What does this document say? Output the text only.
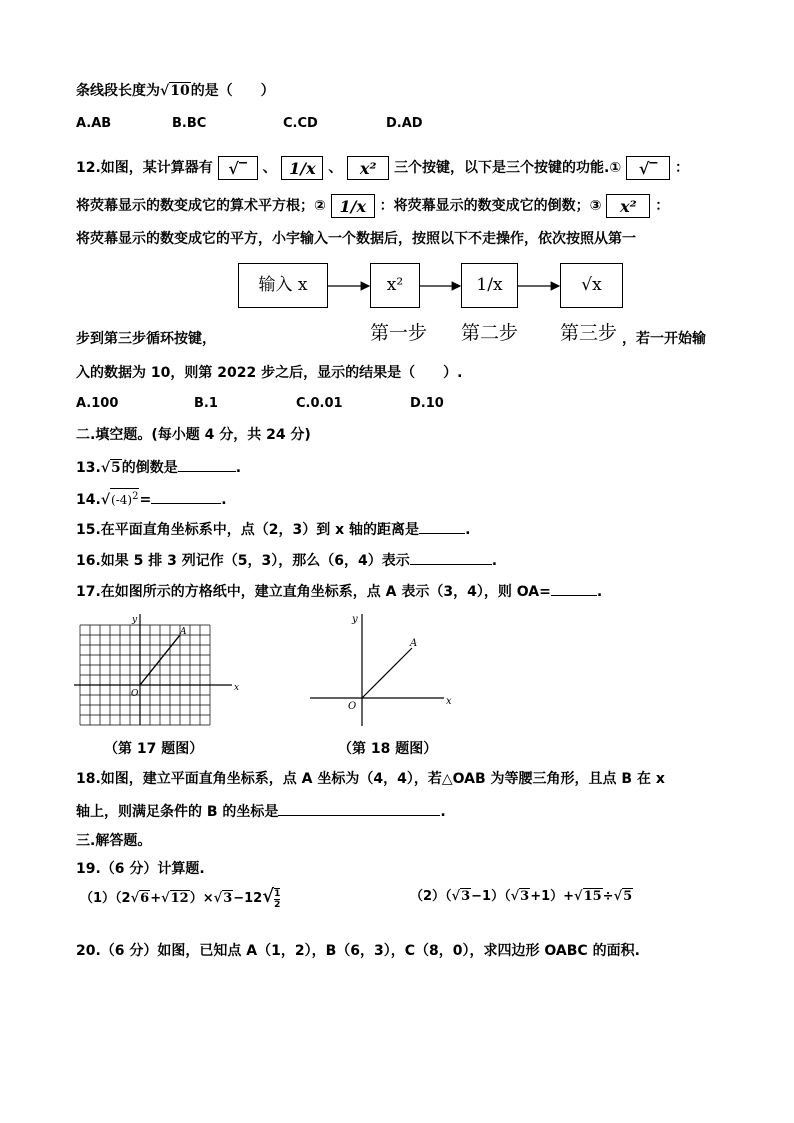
条线段长度为√10的是（　　）
A.AB	B.BC	C.CD	D.AD
12.如图，某计算器有 √‾ 、 1/x 、 x² 三个按键，以下是三个按键的功能.① √‾ ：
将荧幕显示的数变成它的算术平方根；② 1/x ：将荧幕显示的数变成它的倒数；③ x² ：
将荧幕显示的数变成它的平方，小宇输入一个数据后，按照以下不走操作，依次按照从第一
输入 x	x²	1/x	√x
步到第三步循环按键，	第一步 第二步 第三步 ，若一开始输
入的数据为 10，则第 2022 步之后，显示的结果是（　　）.
A.100	B.1	C.0.01	D.10
二.填空题。(每小题 4 分，共 24 分)
13.√5的倒数是	.
$14.√(-4)^2=$	.
15.在平面直角坐标系中，点（2，3）到 x 轴的距离是	.
16.如果 5 排 3 列记作（5，3），那么（6，4）表示	.
17.在如图所示的方格纸中，建立直角坐标系，点 A 表示（3，4），则 OA=	.
x
y
O
A
（第 17 题图）
x
y
O
A
（第 18 题图）
18.如图，建立平面直角坐标系，点 A 坐标为（4，4），若△OAB 为等腰三角形，且点 B 在 x
轴上，则满足条件的 B 的坐标是	.
三.解答题。
19.（6 分）计算题.
$(1)(2√6+√12)\times√3-12√ \frac{1}{2}$	（2）（√3−1）（√3+1）+√15÷√5
20.（6 分）如图，已知点 A（1，2），B（6，3），C（8，0），求四边形 OABC 的面积.
